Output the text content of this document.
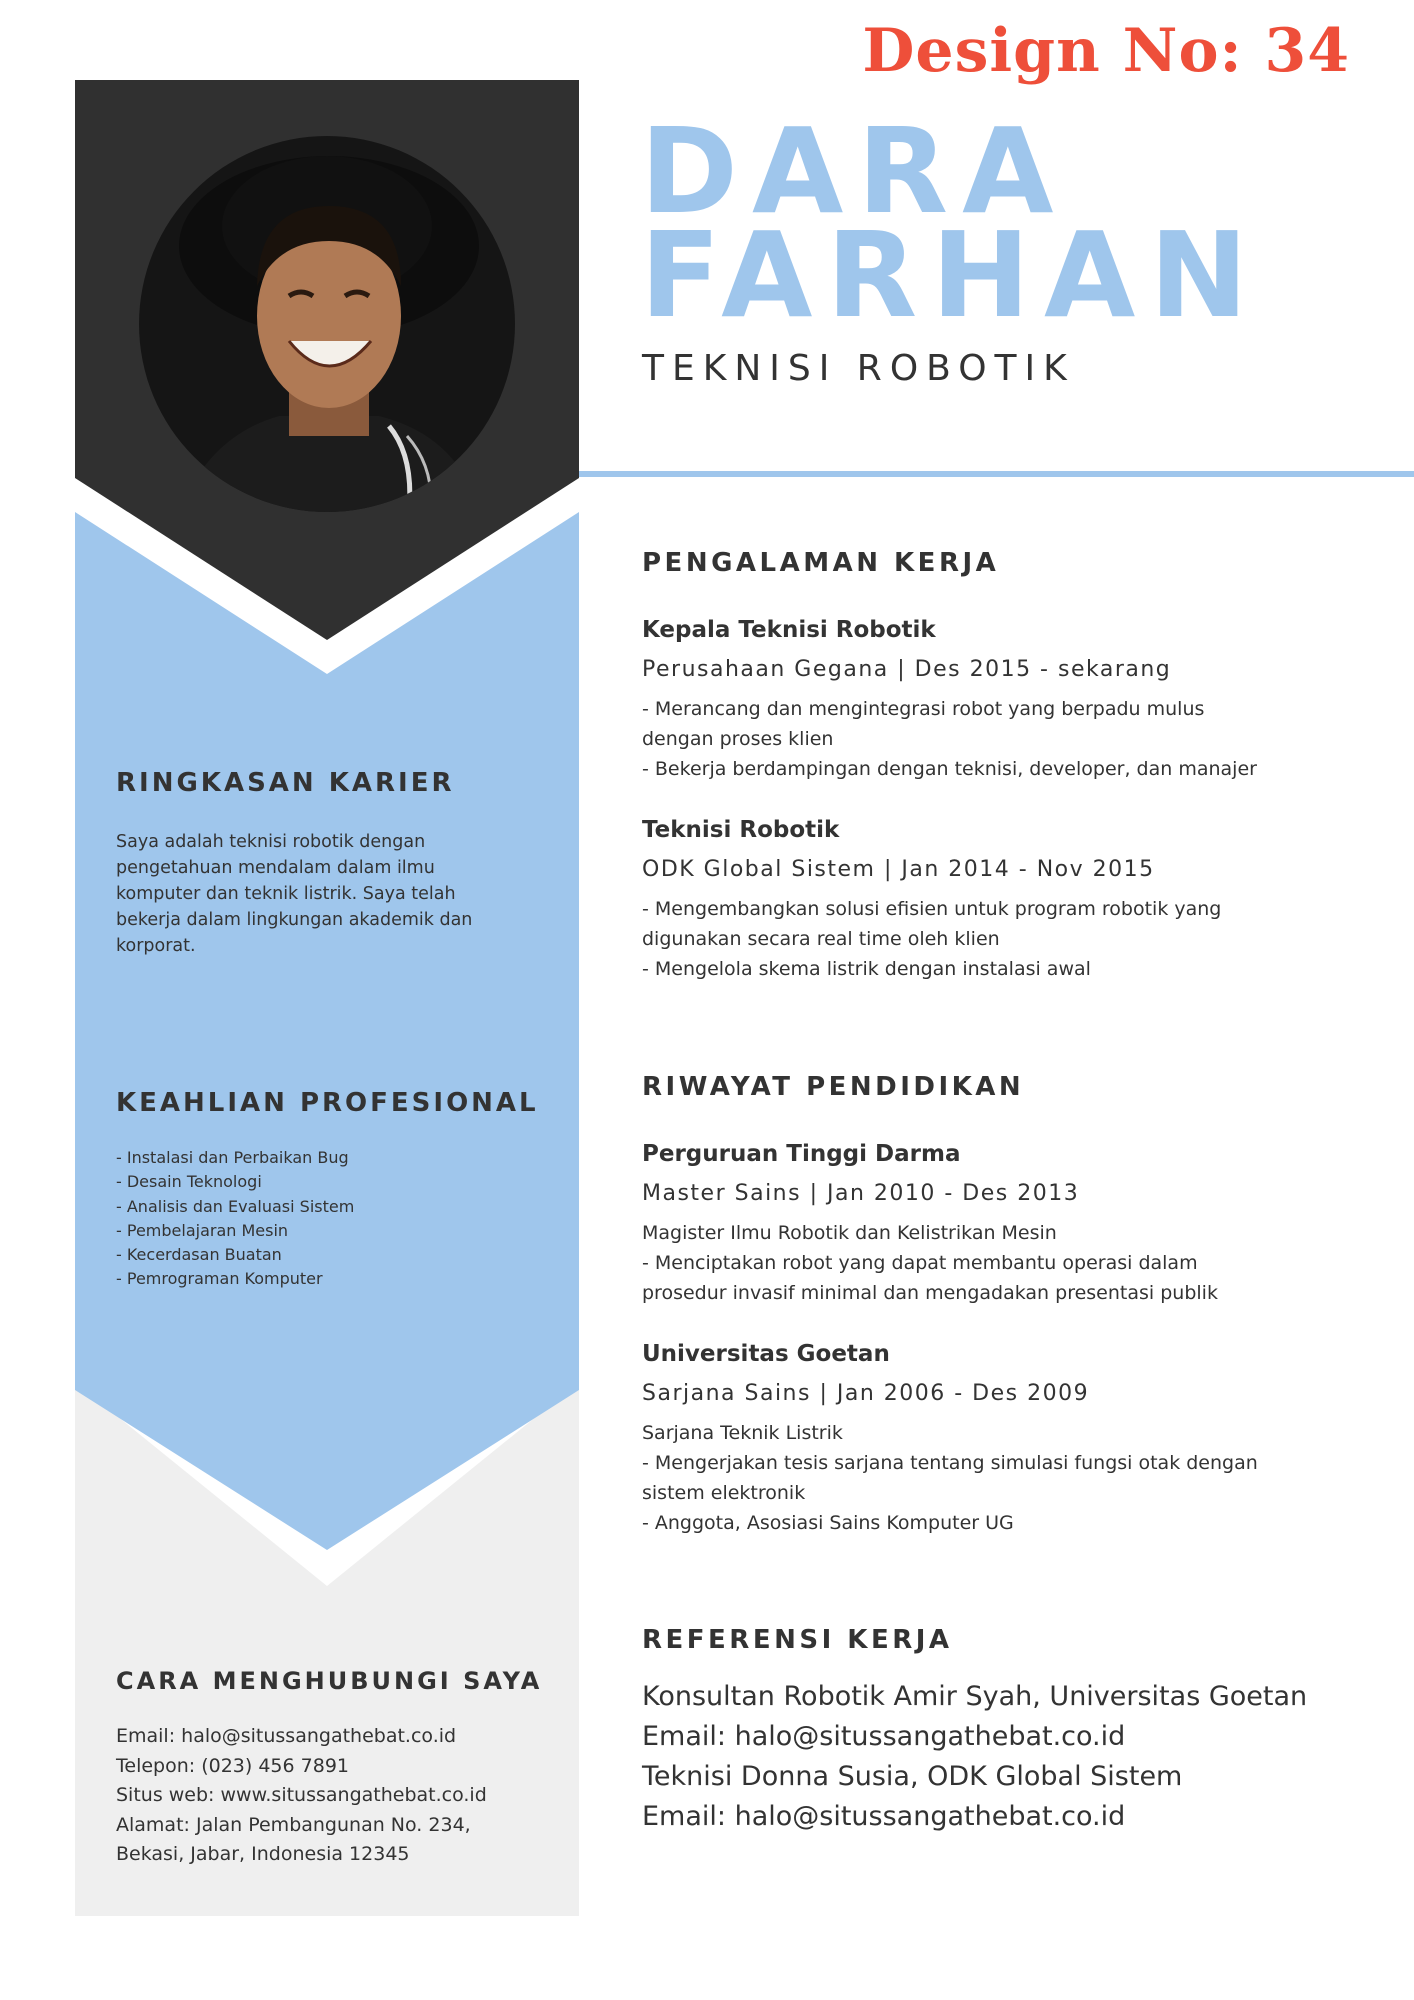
Design No: 34
DARA
FARHAN
TEKNISI ROBOTIK
RINGKASAN KARIER
Saya adalah teknisi robotik dengan
pengetahuan mendalam dalam ilmu
komputer dan teknik listrik. Saya telah
bekerja dalam lingkungan akademik dan
korporat.
KEAHLIAN PROFESIONAL
- Instalasi dan Perbaikan Bug
- Desain Teknologi
- Analisis dan Evaluasi Sistem
- Pembelajaran Mesin
- Kecerdasan Buatan
- Pemrograman Komputer
CARA MENGHUBUNGI SAYA
Email: halo@situssangathebat.co.id
Telepon: (023) 456 7891
Situs web: www.situssangathebat.co.id
Alamat: Jalan Pembangunan No. 234,
Bekasi, Jabar, Indonesia 12345
PENGALAMAN KERJA
Kepala Teknisi Robotik
Perusahaan Gegana | Des 2015 - sekarang
- Merancang dan mengintegrasi robot yang berpadu mulus
dengan proses klien
- Bekerja berdampingan dengan teknisi, developer, dan manajer
Teknisi Robotik
ODK Global Sistem | Jan 2014 - Nov 2015
- Mengembangkan solusi efisien untuk program robotik yang
digunakan secara real time oleh klien
- Mengelola skema listrik dengan instalasi awal
RIWAYAT PENDIDIKAN
Perguruan Tinggi Darma
Master Sains | Jan 2010 - Des 2013
Magister Ilmu Robotik dan Kelistrikan Mesin
- Menciptakan robot yang dapat membantu operasi dalam
prosedur invasif minimal dan mengadakan presentasi publik
Universitas Goetan
Sarjana Sains | Jan 2006 - Des 2009
Sarjana Teknik Listrik
- Mengerjakan tesis sarjana tentang simulasi fungsi otak dengan
sistem elektronik
- Anggota, Asosiasi Sains Komputer UG
REFERENSI KERJA
Konsultan Robotik Amir Syah, Universitas Goetan
Email: halo@situssangathebat.co.id
Teknisi Donna Susia, ODK Global Sistem
Email: halo@situssangathebat.co.id
